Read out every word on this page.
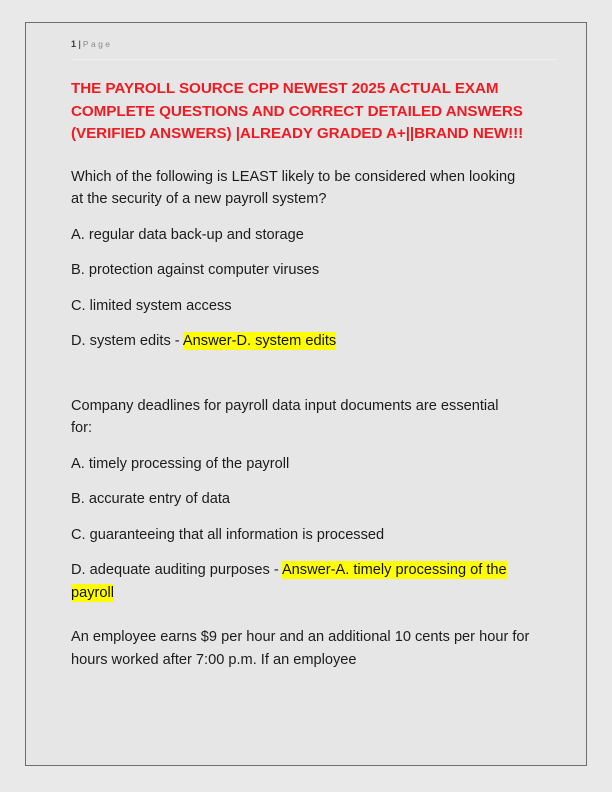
1 | Page
THE PAYROLL SOURCE CPP NEWEST 2025 ACTUAL EXAM COMPLETE QUESTIONS AND CORRECT DETAILED ANSWERS (VERIFIED ANSWERS) |ALREADY GRADED A+||BRAND NEW!!!

Which of the following is LEAST likely to be considered when looking at the security of a new payroll system?

A. regular data back-up and storage

B. protection against computer viruses

C. limited system access

D. system edits - Answer-D. system edits

Company deadlines for payroll data input documents are essential for:

A. timely processing of the payroll

B. accurate entry of data

C. guaranteeing that all information is processed

D. adequate auditing purposes - Answer-A. timely processing of the payroll

An employee earns $9 per hour and an additional 10 cents per hour for hours worked after 7:00 p.m. If an employee
